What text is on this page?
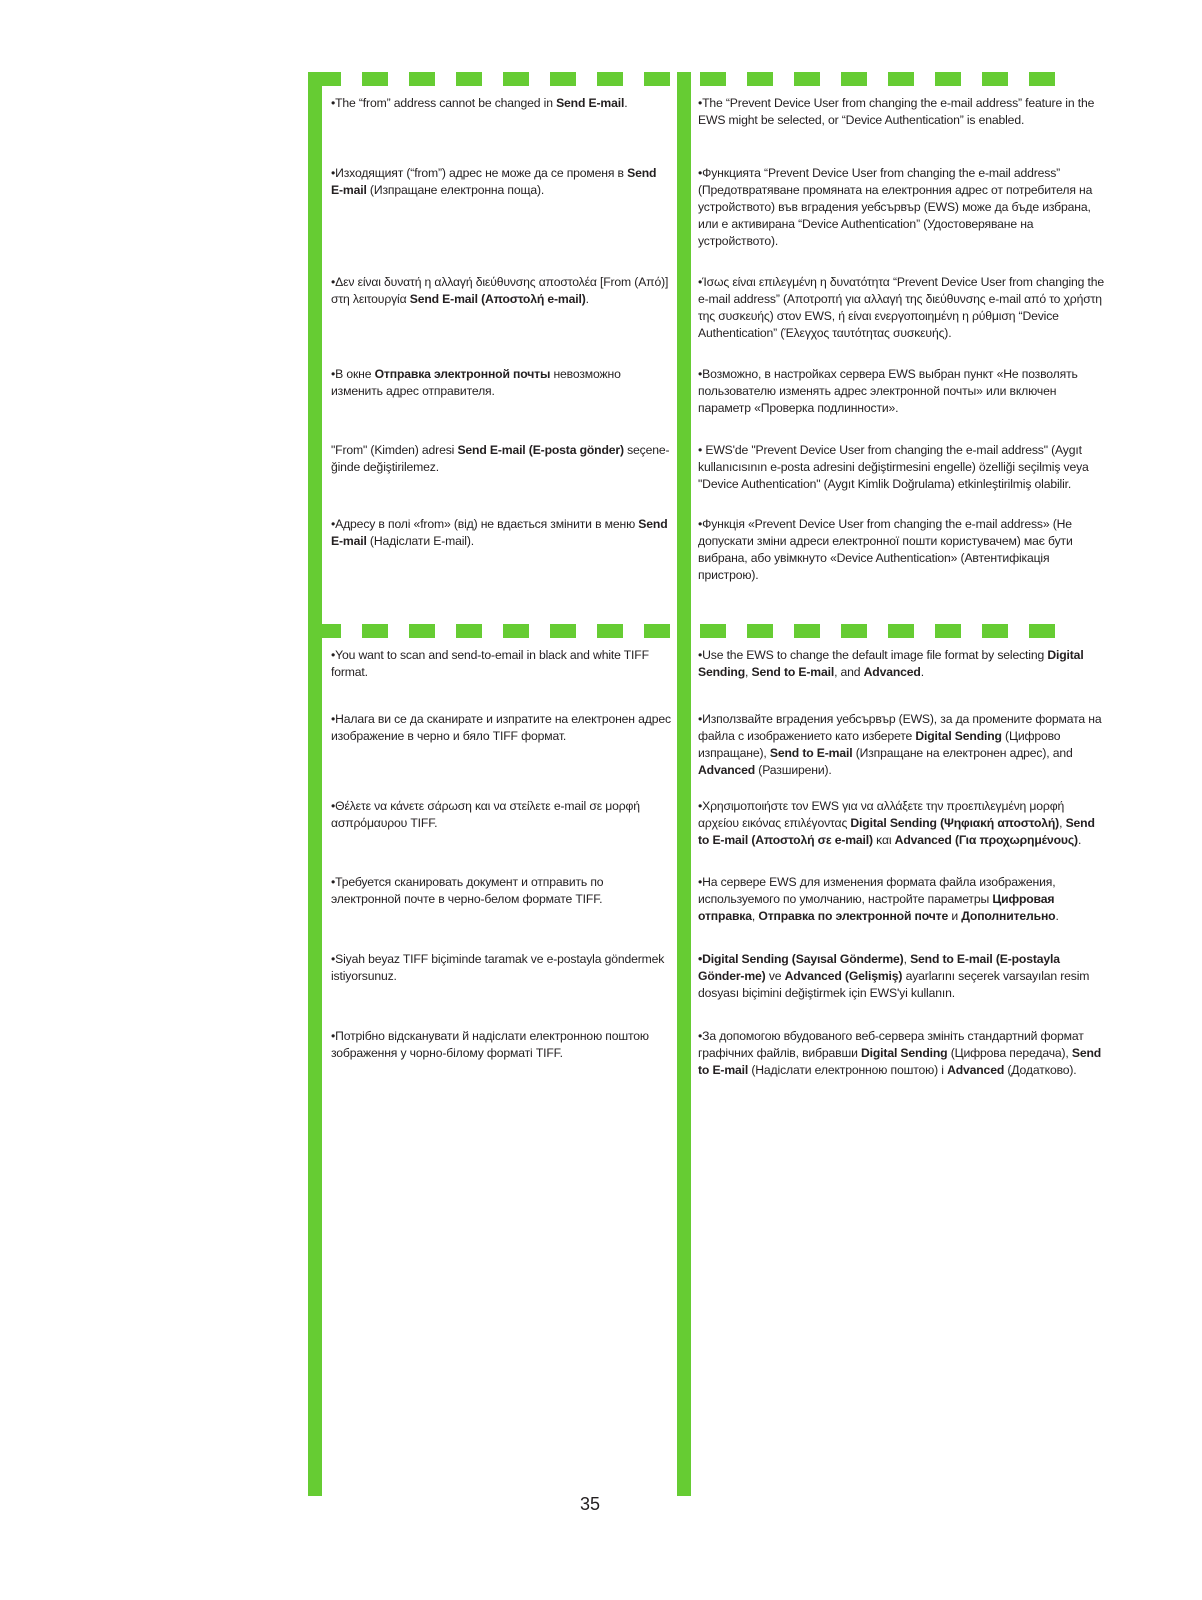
•The “from” address cannot be changed in Send E-mail.

•Изходящият (“from”) адрес не може да се променя в Send E-mail (Изпращане електронна поща).

•Δεν είναι δυνατή η αλλαγή διεύθυνσης αποστολέα [From (Από)] στη λειτουργία Send E-mail (Αποστολή e-mail).

•В окне Отправка электронной почты невозможно изменить адрес отправителя.

"From" (Kimden) adresi Send E-mail (E-posta gönder) seçene-ğinde değiştirilemez.

•Адресу в полі «from» (від) не вдається змінити в меню Send E-mail (Надіслати E-mail).

•The “Prevent Device User from changing the e-mail address” feature in the EWS might be selected, or “Device Authentication” is enabled.

•Функцията “Prevent Device User from changing the e-mail address” (Предотвратяване промяната на електронния адрес от потребителя на устройството) във вградения уебсървър (EWS) може да бъде избрана, или е активирана “Device Authentication” (Удостоверяване на устройството).

•Ίσως είναι επιλεγμένη η δυνατότητα “Prevent Device User from changing the e-mail address” (Αποτροπή για αλλαγή της διεύθυνσης e-mail από το χρήστη της συσκευής) στον EWS, ή είναι ενεργοποιημένη η ρύθμιση “Device Authentication” (Έλεγχος ταυτότητας συσκευής).

•Возможно, в настройках сервера EWS выбран пункт «Не позволять пользователю изменять адрес электронной почты» или включен параметр «Проверка подлинности».

• EWS'de "Prevent Device User from changing the e-mail address" (Aygıt kullanıcısının e-posta adresini değiştirmesini engelle) özelliği seçilmiş veya "Device Authentication" (Aygıt Kimlik Doğrulama) etkinleştirilmiş olabilir.

•Функція «Prevent Device User from changing the e-mail address» (Не допускати зміни адреси електронної пошти користувачем) має бути вибрана, або увімкнуто «Device Authentication» (Автентифікація пристрою).

•You want to scan and send-to-email in black and white TIFF format.

•Налага ви се да сканирате и изпратите на електронен адрес изображение в черно и бяло TIFF формат.

•Θέλετε να κάνετε σάρωση και να στείλετε e-mail σε μορφή ασπρόμαυρου TIFF.

•Требуется сканировать документ и отправить по электронной почте в черно-белом формате TIFF.

•Siyah beyaz TIFF biçiminde taramak ve e-postayla göndermek istiyorsunuz.

•Потрібно відсканувати й надіслати електронною поштою зображення у чорно-білому форматі TIFF.

•Use the EWS to change the default image file format by selecting Digital Sending, Send to E-mail, and Advanced.

•Използвайте вградения уебсървър (EWS), за да промените формата на файла с изображението като изберете Digital Sending (Цифрово изпращане), Send to E-mail (Изпращане на електронен адрес), and Advanced (Разширени).

•Χρησιμοποιήστε τον EWS για να αλλάξετε την προεπιλεγμένη μορφή αρχείου εικόνας επιλέγοντας Digital Sending (Ψηφιακή αποστολή), Send to E-mail (Αποστολή σε e-mail) και Advanced (Για προχωρημένους).

•На сервере EWS для изменения формата файла изображения, используемого по умолчанию, настройте параметры Цифровая отправка, Отправка по электронной почте и Дополнительно.

•Digital Sending (Sayısal Gönderme), Send to E-mail (E-postayla Gönder-me) ve Advanced (Gelişmiş) ayarlarını seçerek varsayılan resim dosyası biçimini değiştirmek için EWS'yi kullanın.

•За допомогою вбудованого веб-сервера змініть стандартний формат графічних файлів, вибравши Digital Sending (Цифрова передача), Send to E-mail (Надіслати електронною поштою) і Advanced (Додатково).

35
